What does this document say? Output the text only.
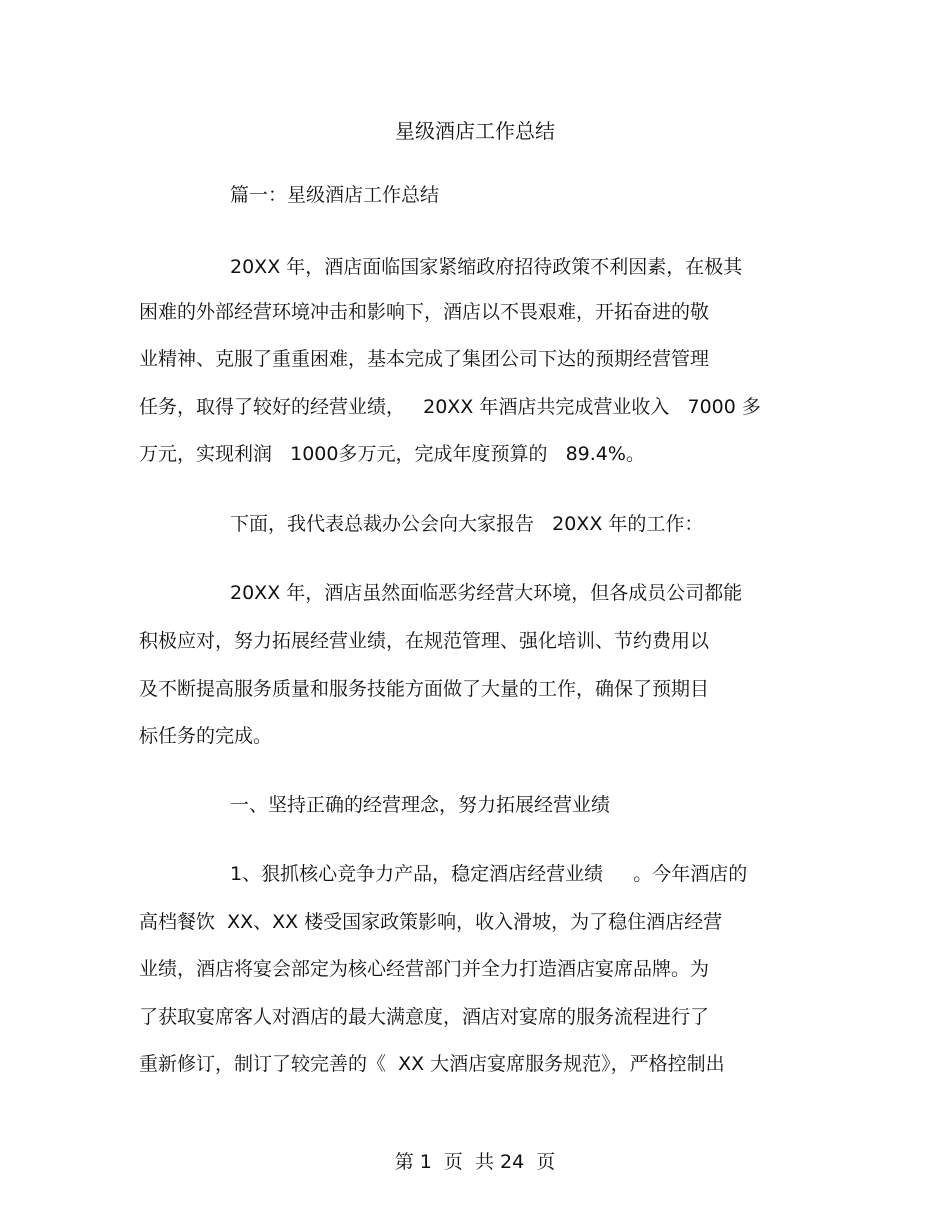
星级酒店工作总结

篇一：星级酒店工作总结

20XX 年，酒店面临国家紧缩政府招待政策不利因素，在极其

困难的外部经营环境冲击和影响下，酒店以不畏艰难，开拓奋进的敬

业精神、克服了重重困难，基本完成了集团公司下达的预期经营管理

任务，取得了较好的经营业绩，   20XX 年酒店共完成营业收入   7000 多

万元，实现利润   1000多万元，完成年度预算的   89.4%。

下面，我代表总裁办公会向大家报告   20XX 年的工作：

20XX 年，酒店虽然面临恶劣经营大环境，但各成员公司都能

积极应对，努力拓展经营业绩，在规范管理、强化培训、节约费用以

及不断提高服务质量和服务技能方面做了大量的工作，确保了预期目

标任务的完成。

一、坚持正确的经营理念，努力拓展经营业绩

1、狠抓核心竞争力产品，稳定酒店经营业绩     。今年酒店的

高档餐饮  XX、XX 楼受国家政策影响，收入滑坡，为了稳住酒店经营

业绩，酒店将宴会部定为核心经营部门并全力打造酒店宴席品牌。为

了获取宴席客人对酒店的最大满意度，酒店对宴席的服务流程进行了

重新修订，制订了较完善的《  XX 大酒店宴席服务规范》，严格控制出

第 1  页  共 24  页
